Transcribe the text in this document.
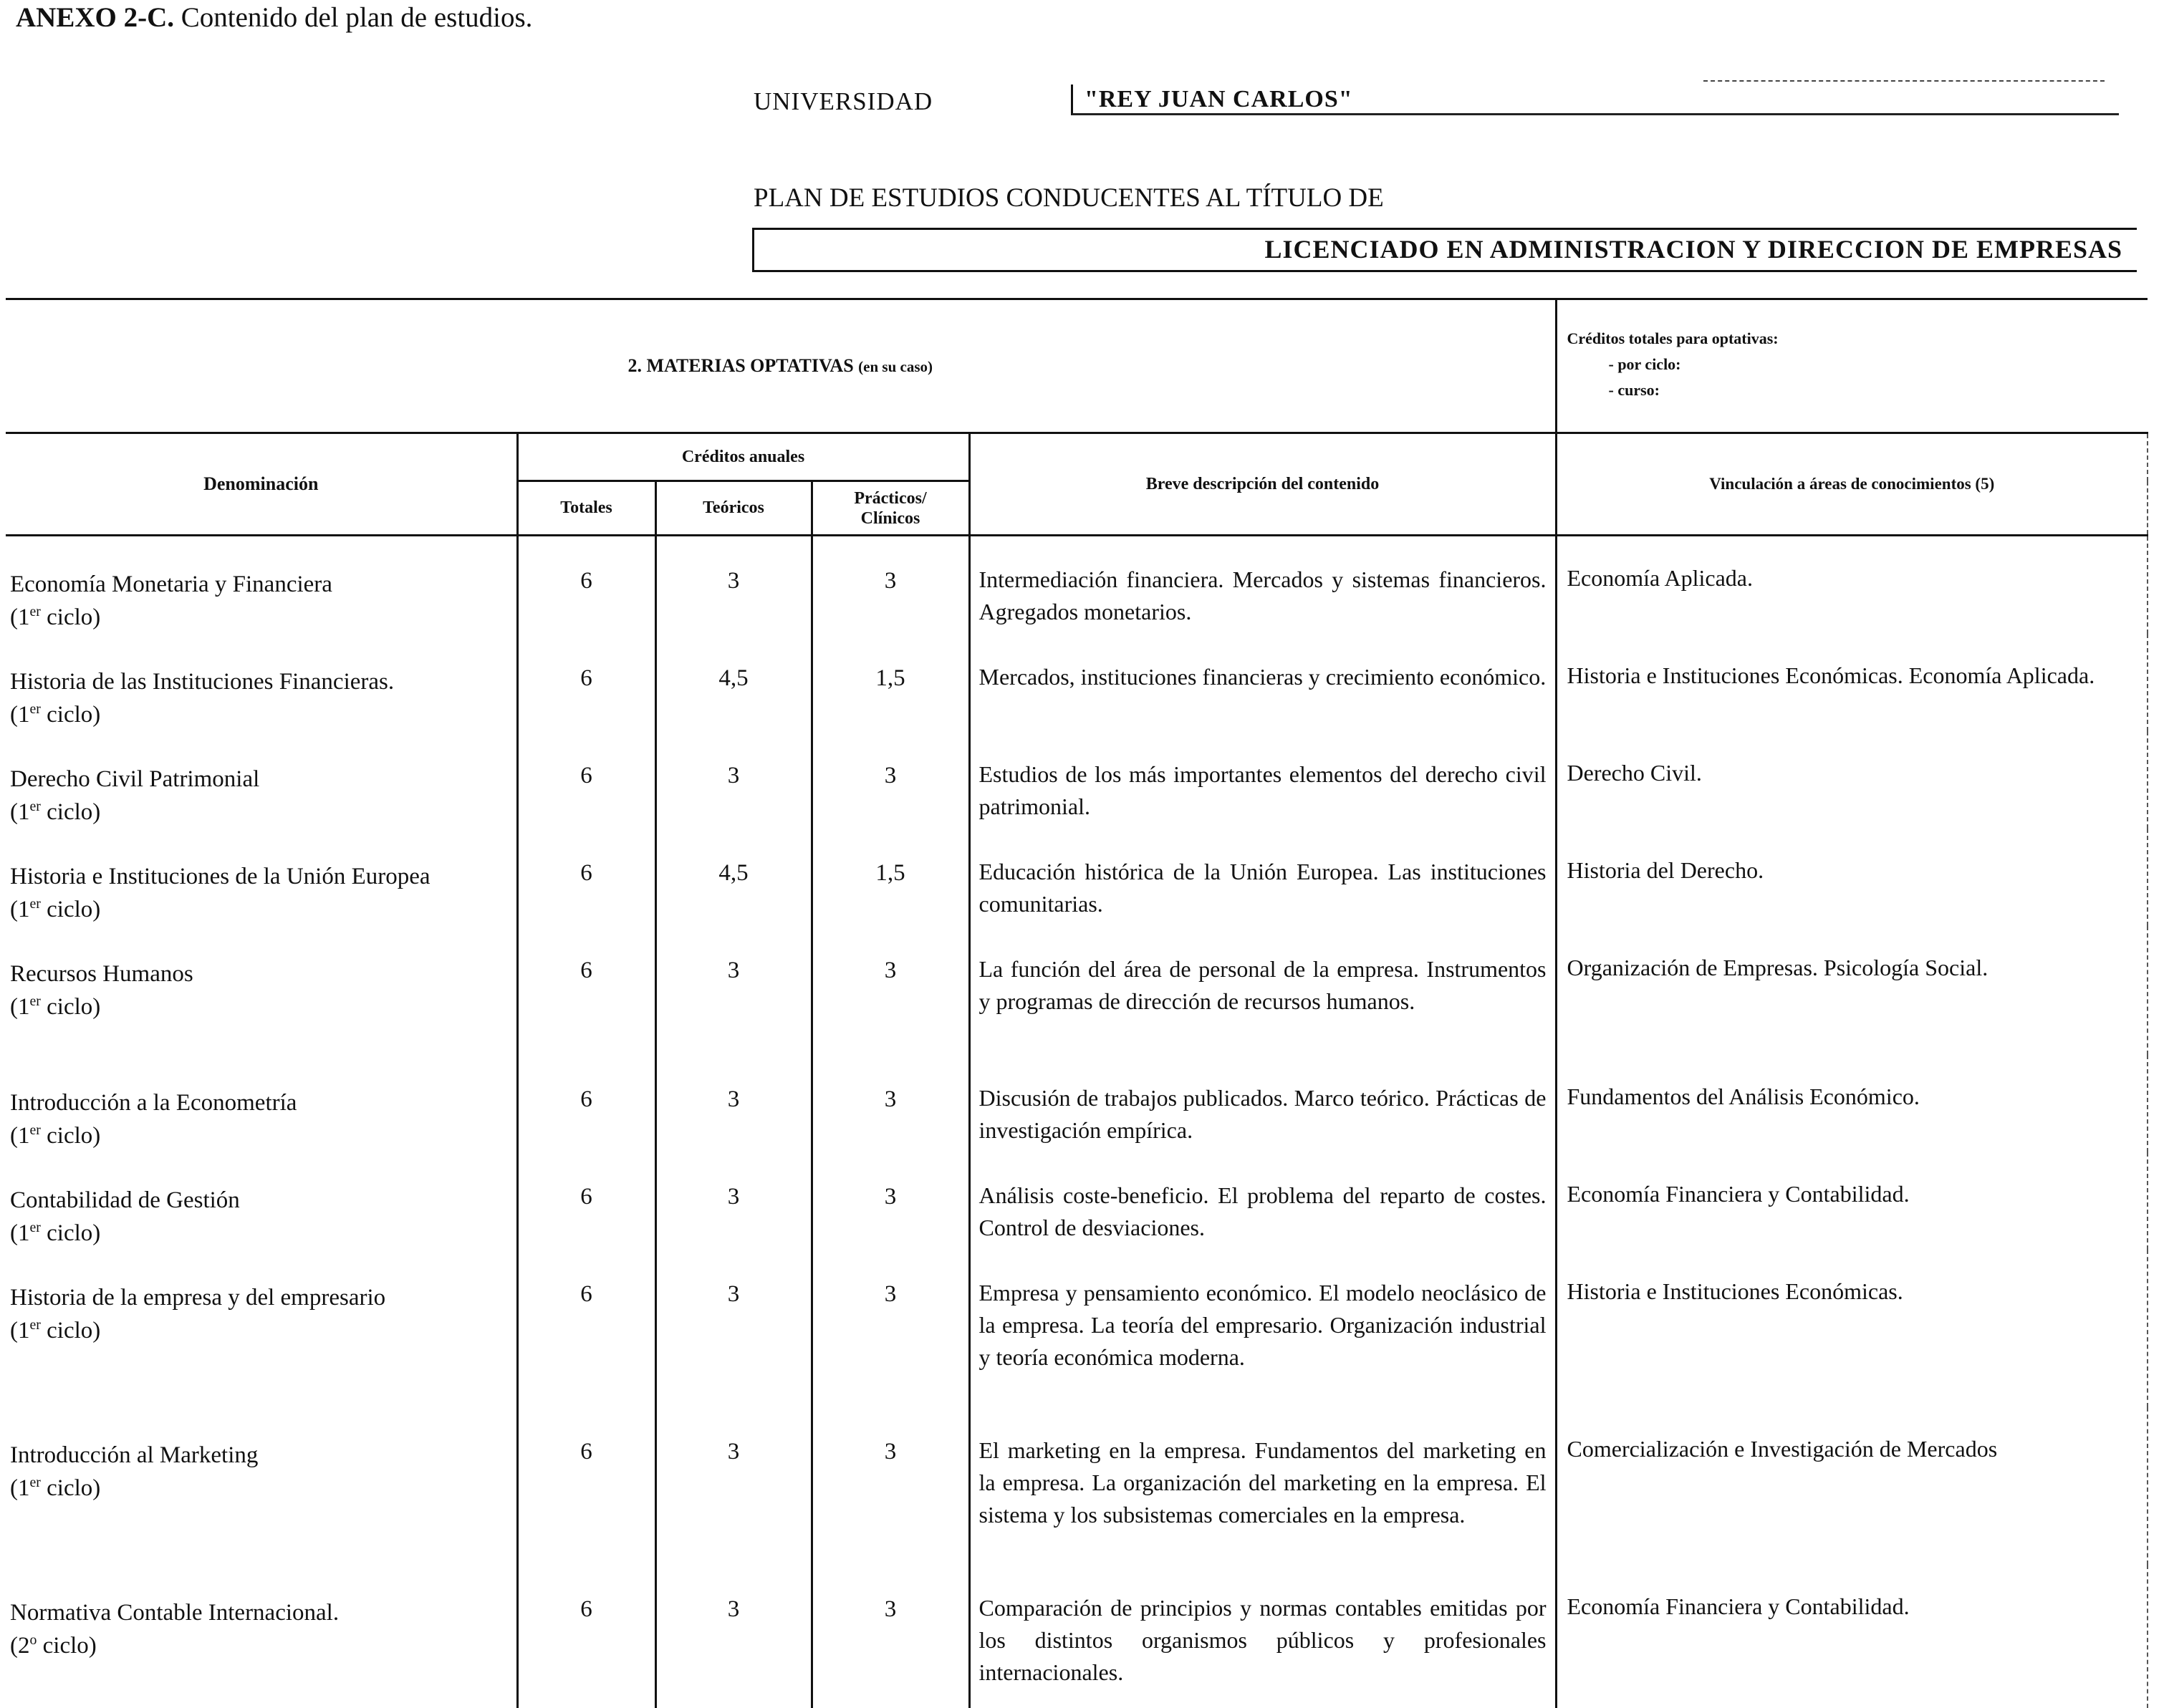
ANEXO 2-C. Contenido del plan de estudios.
UNIVERSIDAD	"REY JUAN CARLOS"
PLAN DE ESTUDIOS CONDUCENTES AL TÍTULO DE
LICENCIADO EN ADMINISTRACION Y DIRECCION DE EMPRESAS
2. MATERIAS OPTATIVAS (en su caso)					Créditos totales para optativas:
- por ciclo:
- curso:

Denominación	Créditos anuales			Breve descripción del contenido	Vinculación a áreas de conocimientos (5)
	Totales	Teóricos	Prácticos/
Clínicos		

Economía Monetaria y Financiera
(1er ciclo)	6	3	3	Intermediación financiera. Mercados y sistemas financieros. Agregados monetarios.	Economía Aplicada.

Historia de las Instituciones Financieras.
(1er ciclo)	6	4,5	1,5	Mercados, instituciones financieras y crecimiento económico.	Historia e Instituciones Económicas. Economía Aplicada.

Derecho Civil Patrimonial
(1er ciclo)	6	3	3	Estudios de los más importantes elementos del derecho civil patrimonial.	Derecho Civil.

Historia e Instituciones de la Unión Europea
(1er ciclo)	6	4,5	1,5	Educación histórica de la Unión Europea. Las instituciones comunitarias.	Historia del Derecho.

Recursos Humanos
(1er ciclo)	6	3	3	La función del área de personal de la empresa. Instrumentos y programas de dirección de recursos humanos.	Organización de Empresas. Psicología Social.

Introducción a la Econometría
(1er ciclo)	6	3	3	Discusión de trabajos publicados. Marco teórico. Prácticas de investigación empírica.	Fundamentos del Análisis Económico.

Contabilidad de Gestión
(1er ciclo)	6	3	3	Análisis coste-beneficio. El problema del reparto de costes. Control de desviaciones.	Economía Financiera y Contabilidad.

Historia de la empresa y del empresario
(1er ciclo)	6	3	3	Empresa y pensamiento económico. El modelo neoclásico de la empresa. La teoría del empresario. Organización industrial y teoría económica moderna.	Historia e Instituciones Económicas.

Introducción al Marketing
(1er ciclo)	6	3	3	El marketing en la empresa. Fundamentos del marketing en la empresa. La organización del marketing en la empresa. El sistema y los subsistemas comerciales en la empresa.	Comercialización e Investigación de Mercados

Normativa Contable Internacional.
(2$^o$ ciclo)	6	3	3	Comparación de principios y normas contables emitidas por los distintos organismos públicos y profesionales internacionales.	Economía Financiera y Contabilidad.
